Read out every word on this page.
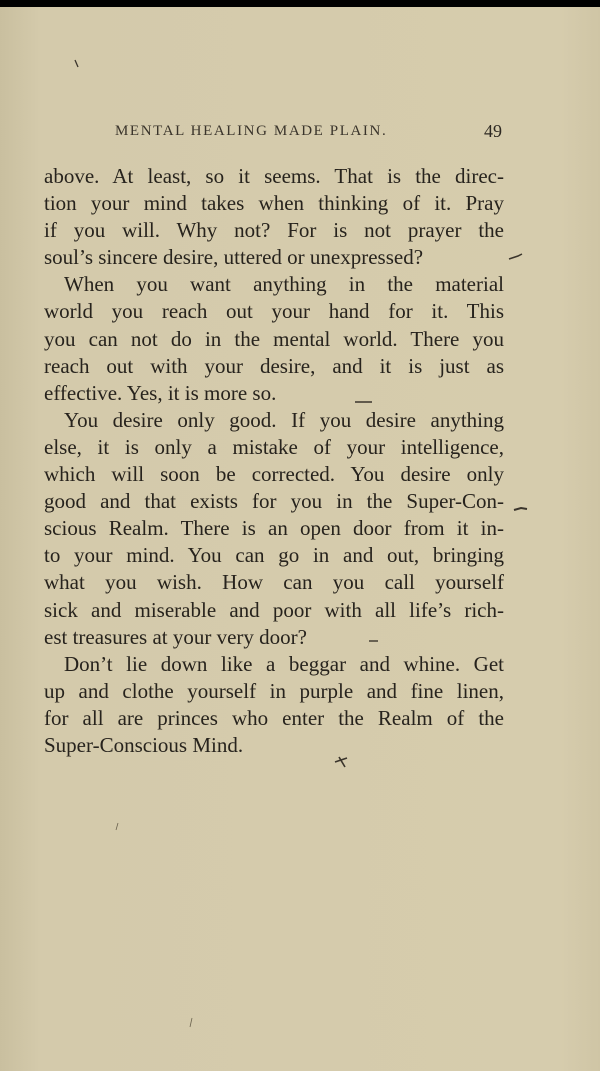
MENTAL HEALING MADE PLAIN.	49
above. At least, so it seems. That is the direc-
tion your mind takes when thinking of it. Pray
if you will. Why not? For is not prayer the
soul’s sincere desire, uttered or unexpressed?
When you want anything in the material
world you reach out your hand for it. This
you can not do in the mental world. There you
reach out with your desire, and it is just as
effective. Yes, it is more so.
You desire only good. If you desire anything
else, it is only a mistake of your intelligence,
which will soon be corrected. You desire only
good and that exists for you in the Super-Con-
scious Realm. There is an open door from it in-
to your mind. You can go in and out, bringing
what you wish. How can you call yourself
sick and miserable and poor with all life’s rich-
est treasures at your very door?
Don’t lie down like a beggar and whine. Get
up and clothe yourself in purple and fine linen,
for all are princes who enter the Realm of the
Super-Conscious Mind.
